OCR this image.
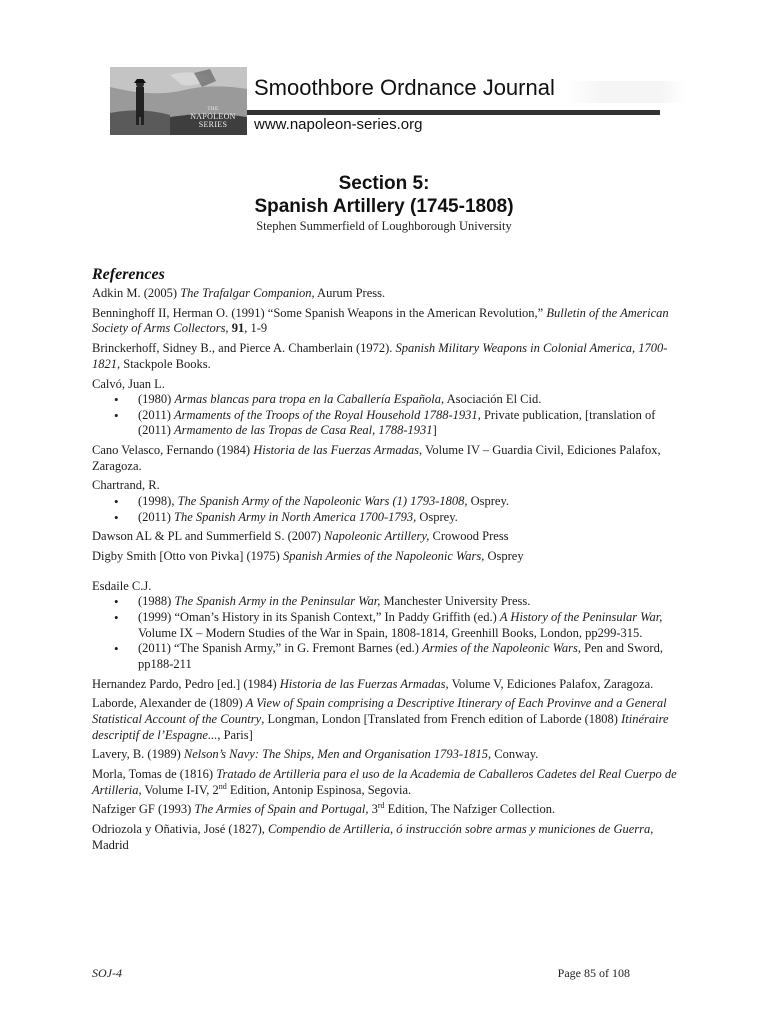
THE
NAPOLEON SERIES
Smoothbore Ordnance Journal
www.napoleon-series.org
Section 5:
Spanish Artillery (1745-1808)
Stephen Summerfield of Loughborough University
References
Adkin M. (2005) The Trafalgar Companion, Aurum Press.
Benninghoff II, Herman O. (1991) “Some Spanish Weapons in the American Revolution,” Bulletin of the American Society of Arms Collectors, 91, 1-9
Brinckerhoff, Sidney B., and Pierce A. Chamberlain (1972). Spanish Military Weapons in Colonial America, 1700-1821, Stackpole Books.
Calvó, Juan L.
• (1980) Armas blancas para tropa en la Caballería Española, Asociación El Cid.
• (2011) Armaments of the Troops of the Royal Household 1788-1931, Private publication, [translation of (2011) Armamento de las Tropas de Casa Real, 1788-1931]
Cano Velasco, Fernando (1984) Historia de las Fuerzas Armadas, Volume IV – Guardia Civil, Ediciones Palafox, Zaragoza.
Chartrand, R.
• (1998), The Spanish Army of the Napoleonic Wars (1) 1793-1808, Osprey.
• (2011) The Spanish Army in North America 1700-1793, Osprey.
Dawson AL & PL and Summerfield S. (2007) Napoleonic Artillery, Crowood Press
Digby Smith [Otto von Pivka] (1975) Spanish Armies of the Napoleonic Wars, Osprey
Esdaile C.J.
• (1988) The Spanish Army in the Peninsular War, Manchester University Press.
• (1999) “Oman’s History in its Spanish Context,” In Paddy Griffith (ed.) A History of the Peninsular War, Volume IX – Modern Studies of the War in Spain, 1808-1814, Greenhill Books, London, pp299-315.
• (2011) “The Spanish Army,” in G. Fremont Barnes (ed.) Armies of the Napoleonic Wars, Pen and Sword, pp188-211
Hernandez Pardo, Pedro [ed.] (1984) Historia de las Fuerzas Armadas, Volume V, Ediciones Palafox, Zaragoza.
Laborde, Alexander de (1809) A View of Spain comprising a Descriptive Itinerary of Each Provinve and a General Statistical Account of the Country, Longman, London [Translated from French edition of Laborde (1808) Itinéraire descriptif de l’Espagne..., Paris]
Lavery, B. (1989) Nelson’s Navy: The Ships, Men and Organisation 1793-1815, Conway.
Morla, Tomas de (1816) Tratado de Artilleria para el uso de la Academia de Caballeros Cadetes del Real Cuerpo de Artilleria, Volume I-IV, 2nd Edition, Antonip Espinosa, Segovia.
Nafziger GF (1993) The Armies of Spain and Portugal, 3rd Edition, The Nafziger Collection.
Odriozola y Oñativia, José (1827), Compendio de Artilleria, ó instrucción sobre armas y municiones de Guerra, Madrid
SOJ-4	Page 85 of 108
